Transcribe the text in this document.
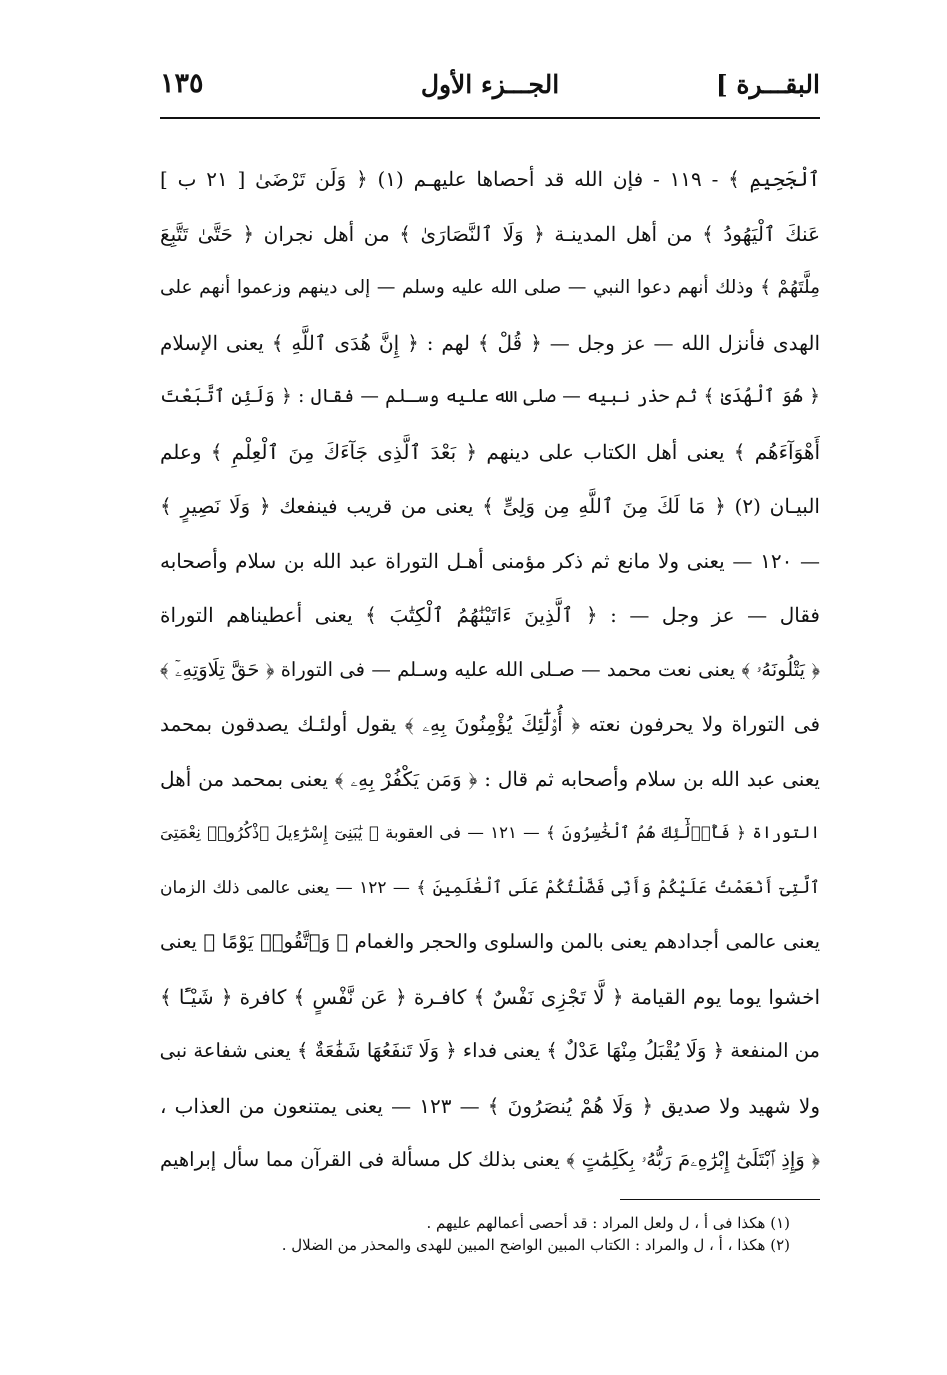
البقـــرة ]
الجـــزء الأول
١٣٥
ٱلْجَحِيمِ ﴾ - ١١٩ - فإن الله قد أحصاها عليهـم (١) ﴿ وَلَن تَرْضَىٰ [ ٢١ ب ]
عَنكَ ٱلْيَهُودُ ﴾ من أهل المدينـة ﴿ وَلَا ٱلنَّصَارَىٰ ﴾ من أهل نجران ﴿ حَتَّىٰ تَتَّبِعَ
مِلَّتَهُمْ ﴾ وذلك أنهم دعوا النبي — صلى الله عليه وسلم — إلى دينهم وزعموا أنهم على
الهدى فأنزل الله — عز وجل — ﴿ قُلْ ﴾ لهم : ﴿ إِنَّ هُدَى ٱللَّهِ ﴾ يعنى الإسلام
﴿ هُوَ ٱلْهُدَىٰ ﴾ ثم حذر نبيه — صلى الله عليه وسـلم — فقال : ﴿ وَلَئِنِ ٱتَّبَعْتَ
أَهْوَآءَهُم ﴾ يعنى أهل الكتاب على دينهم ﴿ بَعْدَ ٱلَّذِى جَآءَكَ مِنَ ٱلْعِلْمِ ﴾ وعلم
البيـان (٢) ﴿ مَا لَكَ مِنَ ٱللَّهِ مِن وَلِىٍّ ﴾ يعنى من قريب فينفعك ﴿ وَلَا نَصِيرٍ ﴾
— ١٢٠ — يعنى ولا مانع ثم ذكر مؤمنى أهـل التوراة عبد الله بن سلام وأصحابه
فقال — عز وجل — : ﴿ ٱلَّذِينَ ءَاتَيْنَٰهُمُ ٱلْكِتَٰبَ ﴾ يعنى أعطيناهم التوراة
﴿ يَتْلُونَهُۥ ﴾ يعنى نعت محمد — صـلى الله عليه وسـلم — فى التوراة ﴿ حَقَّ تِلَاوَتِهِۦٓ ﴾
فى التوراة ولا يحرفون نعته ﴿ أُو۟لَٰٓئِكَ يُؤْمِنُونَ بِهِۦ ﴾ يقول أولئـك يصدقون بمحمد
يعنى عبد الله بن سلام وأصحابه ثم قال : ﴿ وَمَن يَكْفُرْ بِهِۦ ﴾ يعنى بمحمد من أهل
التوراة ﴿ فَأُو۟لَٰٓئِكَ هُمُ ٱلْخَٰسِرُونَ ﴾ — ١٢١ — فى العقوبة ﴿ يَٰبَنِىٓ إِسْرَٰٓءِيلَ ٱذْكُرُوا۟ نِعْمَتِىَ
ٱلَّتِىٓ أَنْعَمْتُ عَلَيْكُمْ وَأَنِّى فَضَّلْتُكُمْ عَلَى ٱلْعَٰلَمِينَ ﴾ — ١٢٢ — يعنى عالمى ذلك الزمان
يعنى عالمى أجدادهم يعنى بالمن والسلوى والحجر والغمام ﴿ وَٱتَّقُوا۟ يَوْمًا ﴾ يعنى
اخشوا يوما يوم القيامة ﴿ لَّا تَجْزِى نَفْسٌ ﴾ كافـرة ﴿ عَن نَّفْسٍ ﴾ كافرة ﴿ شَيْـًٔا ﴾
من المنفعة ﴿ وَلَا يُقْبَلُ مِنْهَا عَدْلٌ ﴾ يعنى فداء ﴿ وَلَا تَنفَعُهَا شَفَٰعَةٌ ﴾ يعنى شفاعة نبى
ولا شهيد ولا صديق ﴿ وَلَا هُمْ يُنصَرُونَ ﴾ — ١٢٣ — يعنى يمتنعون من العذاب ،
﴿ وَإِذِ ٱبْتَلَىٰٓ إِبْرَٰهِۦمَ رَبُّهُۥ بِكَلِمَٰتٍ ﴾ يعنى بذلك كل مسألة فى القرآن مما سأل إبراهيم
(١) هكذا فى أ ، ل ولعل المراد : قد أحصى أعمالهم عليهم .
(٢) هكذا ، أ ، ل والمراد : الكتاب المبين الواضح المبين للهدى والمحذر من الضلال .
